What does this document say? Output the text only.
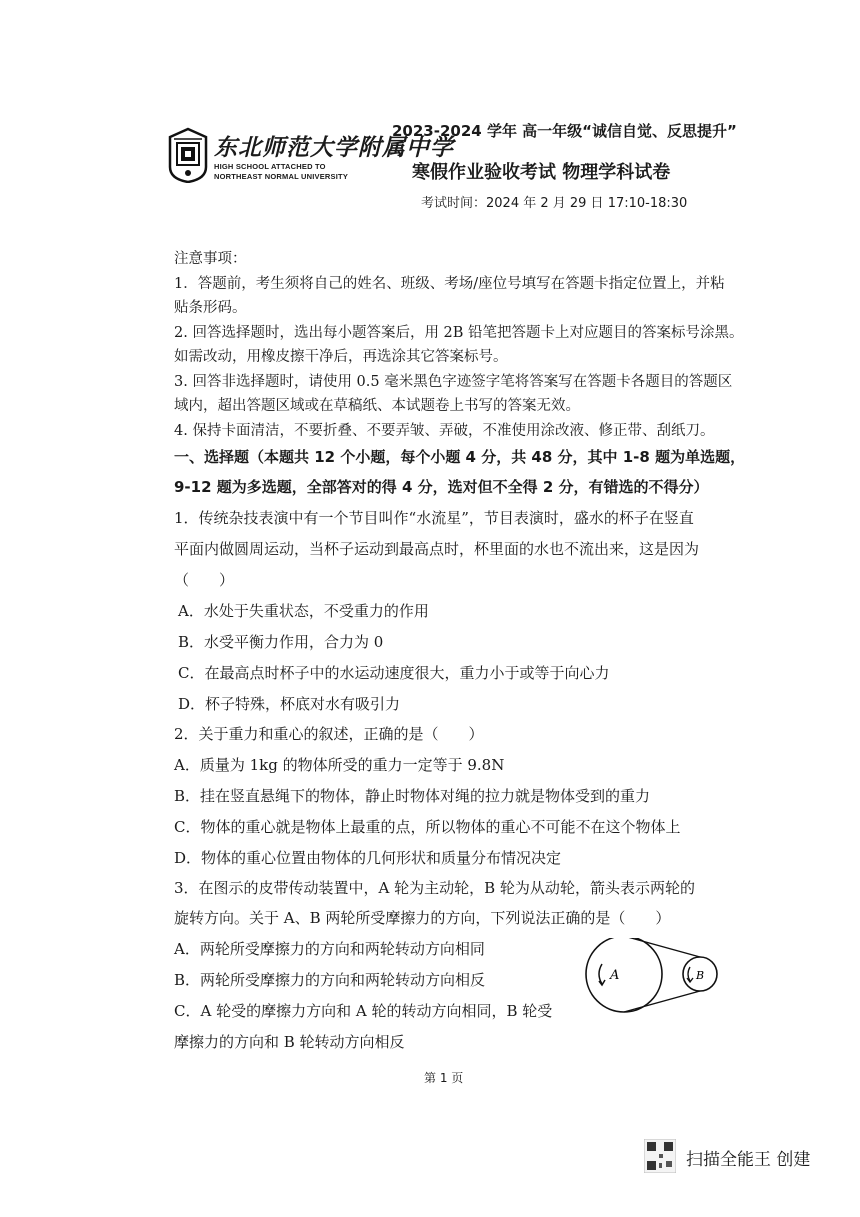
东北师范大学附属中学
HIGH SCHOOL ATTACHED TO
NORTHEAST NORMAL UNIVERSITY
2023-2024 学年 高一年级“诚信自觉、反思提升”
寒假作业验收考试 物理学科试卷
考试时间：2024 年 2 月 29 日 17:10-18:30
注意事项：
1．答题前，考生须将自己的姓名、班级、考场/座位号填写在答题卡指定位置上，并粘
贴条形码。
2. 回答选择题时，选出每小题答案后，用 2B 铅笔把答题卡上对应题目的答案标号涂黑。
如需改动，用橡皮擦干净后，再选涂其它答案标号。
3. 回答非选择题时，请使用 0.5 毫米黑色字迹签字笔将答案写在答题卡各题目的答题区
域内，超出答题区域或在草稿纸、本试题卷上书写的答案无效。
4. 保持卡面清洁，不要折叠、不要弄皱、弄破，不准使用涂改液、修正带、刮纸刀。
一、选择题（本题共 12 个小题，每个小题 4 分，共 48 分，其中 1-8 题为单选题，
9-12 题为多选题，全部答对的得 4 分，选对但不全得 2 分，有错选的不得分）
1．传统杂技表演中有一个节目叫作“水流星”，节目表演时，盛水的杯子在竖直
平面内做圆周运动，当杯子运动到最高点时，杯里面的水也不流出来，这是因为
（　　）
A．水处于失重状态，不受重力的作用
B．水受平衡力作用，合力为 0
C．在最高点时杯子中的水运动速度很大，重力小于或等于向心力
D．杯子特殊，杯底对水有吸引力
2．关于重力和重心的叙述，正确的是（　　）
A．质量为 1kg 的物体所受的重力一定等于 9.8N
B．挂在竖直悬绳下的物体，静止时物体对绳的拉力就是物体受到的重力
C．物体的重心就是物体上最重的点，所以物体的重心不可能不在这个物体上
D．物体的重心位置由物体的几何形状和质量分布情况决定
3．在图示的皮带传动装置中，A 轮为主动轮，B 轮为从动轮，箭头表示两轮的
旋转方向。关于 A、B 两轮所受摩擦力的方向，下列说法正确的是（　　）
A．两轮所受摩擦力的方向和两轮转动方向相同
B．两轮所受摩擦力的方向和两轮转动方向相反
C．A 轮受的摩擦力方向和 A 轮的转动方向相同，B 轮受
摩擦力的方向和 B 轮转动方向相反
A	B
第 1 页
扫描全能王 创建
